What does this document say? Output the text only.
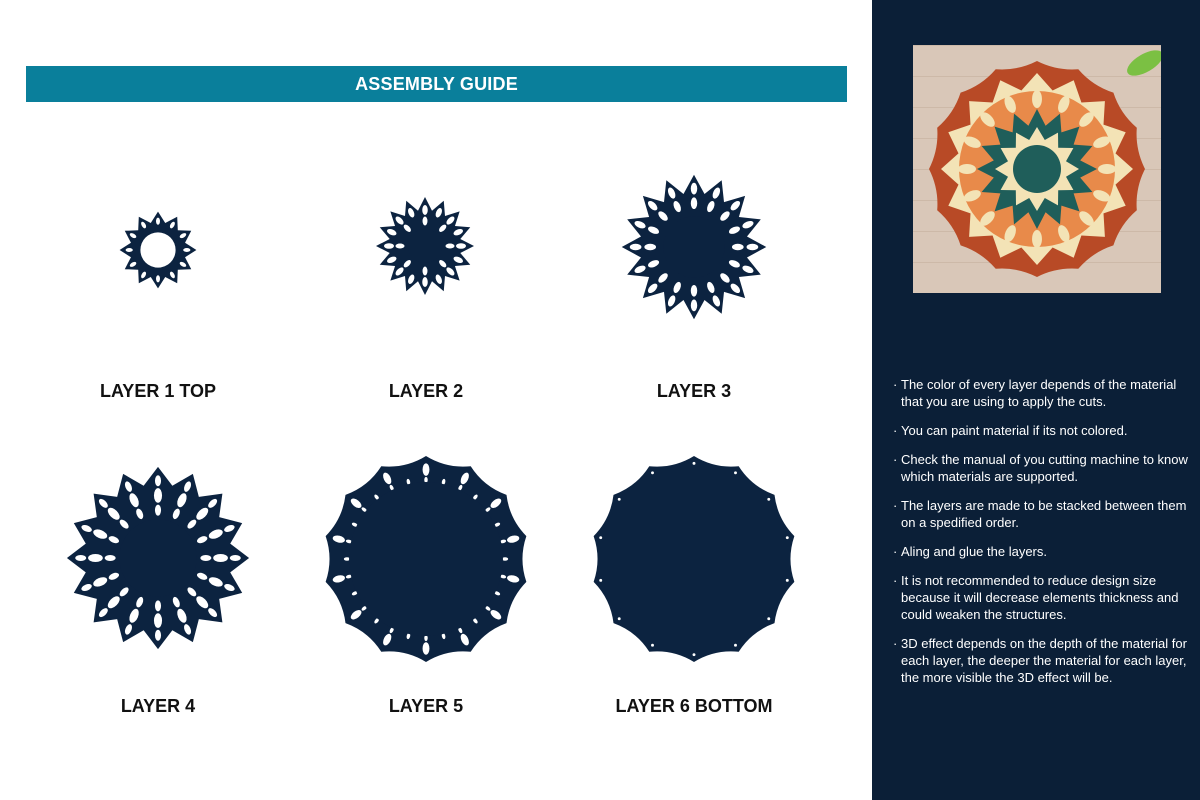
ASSEMBLY GUIDE
LAYER 1 TOP	LAYER 2	LAYER 3
LAYER 4	LAYER 5	LAYER 6 BOTTOM
· The color of every layer depends of the material that you are using to apply the cuts.
· You can paint material if its not colored.
· Check the manual of you cutting machine to know which materials are supported.
· The layers are made to be stacked between them on a spedified order.
· Aling and glue the layers.
· It is not recommended to reduce design size because it will decrease elements thickness and could weaken the structures.
· 3D effect depends on the depth of the material for each layer, the deeper the material for each layer, the more visible the 3D effect will be.
